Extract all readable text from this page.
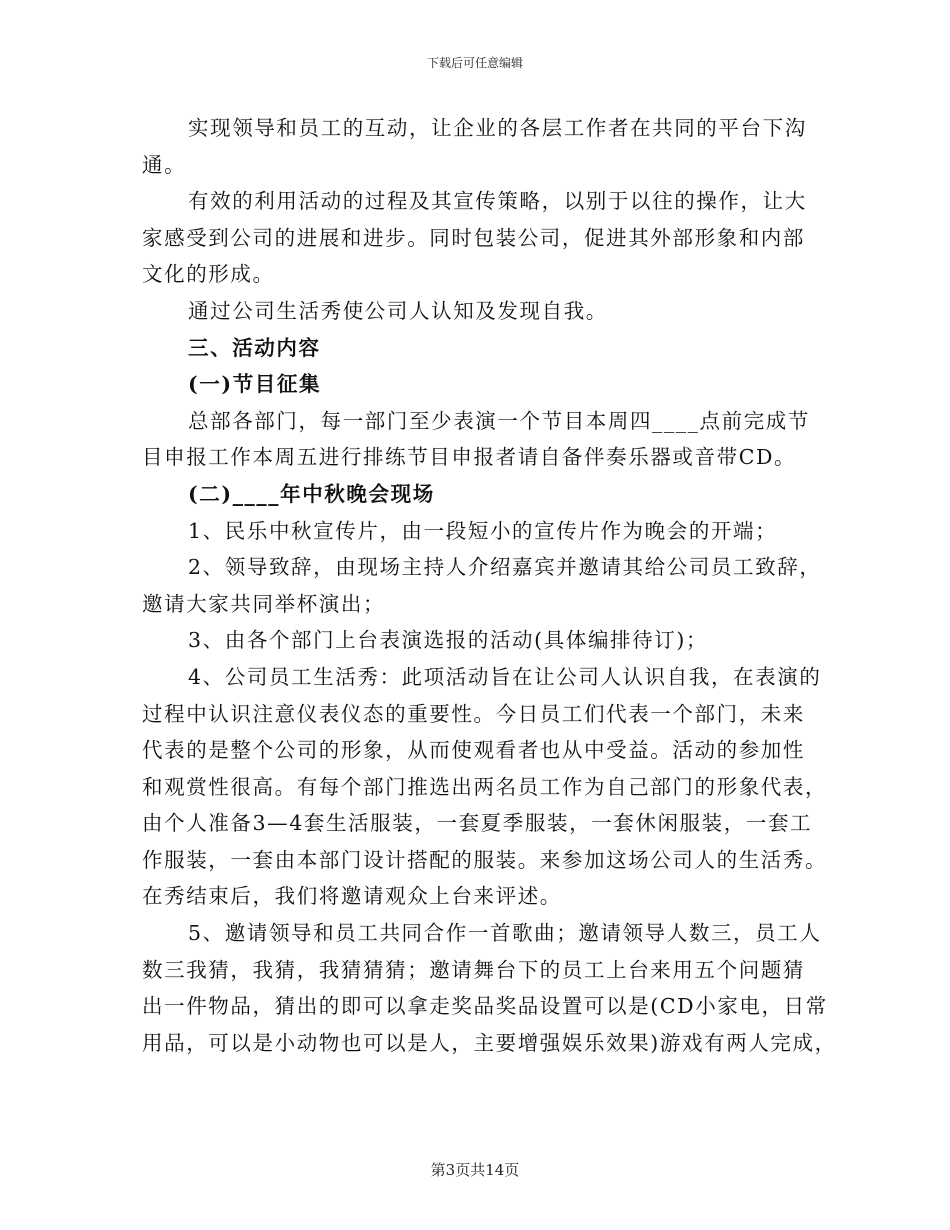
下载后可任意编辑
实现领导和员工的互动，让企业的各层工作者在共同的平台下沟
通。
有效的利用活动的过程及其宣传策略，以别于以往的操作，让大
家感受到公司的进展和进步。同时包装公司，促进其外部形象和内部
文化的形成。
通过公司生活秀使公司人认知及发现自我。
三、活动内容
(一)节目征集
总部各部门，每一部门至少表演一个节目本周四____点前完成节
目申报工作本周五进行排练节目申报者请自备伴奏乐器或音带CD。
(二)____年中秋晚会现场
1、民乐中秋宣传片，由一段短小的宣传片作为晚会的开端；
2、领导致辞，由现场主持人介绍嘉宾并邀请其给公司员工致辞，
邀请大家共同举杯演出；
3、由各个部门上台表演选报的活动(具体编排待订)；
4、公司员工生活秀：此项活动旨在让公司人认识自我，在表演的
过程中认识注意仪表仪态的重要性。今日员工们代表一个部门，未来
代表的是整个公司的形象，从而使观看者也从中受益。活动的参加性
和观赏性很高。有每个部门推选出两名员工作为自己部门的形象代表，
由个人准备3—4套生活服装，一套夏季服装，一套休闲服装，一套工
作服装，一套由本部门设计搭配的服装。来参加这场公司人的生活秀。
在秀结束后，我们将邀请观众上台来评述。
5、邀请领导和员工共同合作一首歌曲；邀请领导人数三，员工人
数三我猜，我猜，我猜猜猜；邀请舞台下的员工上台来用五个问题猜
出一件物品，猜出的即可以拿走奖品奖品设置可以是(CD小家电，日常
用品，可以是小动物也可以是人，主要增强娱乐效果)游戏有两人完成，
第3页共14页
